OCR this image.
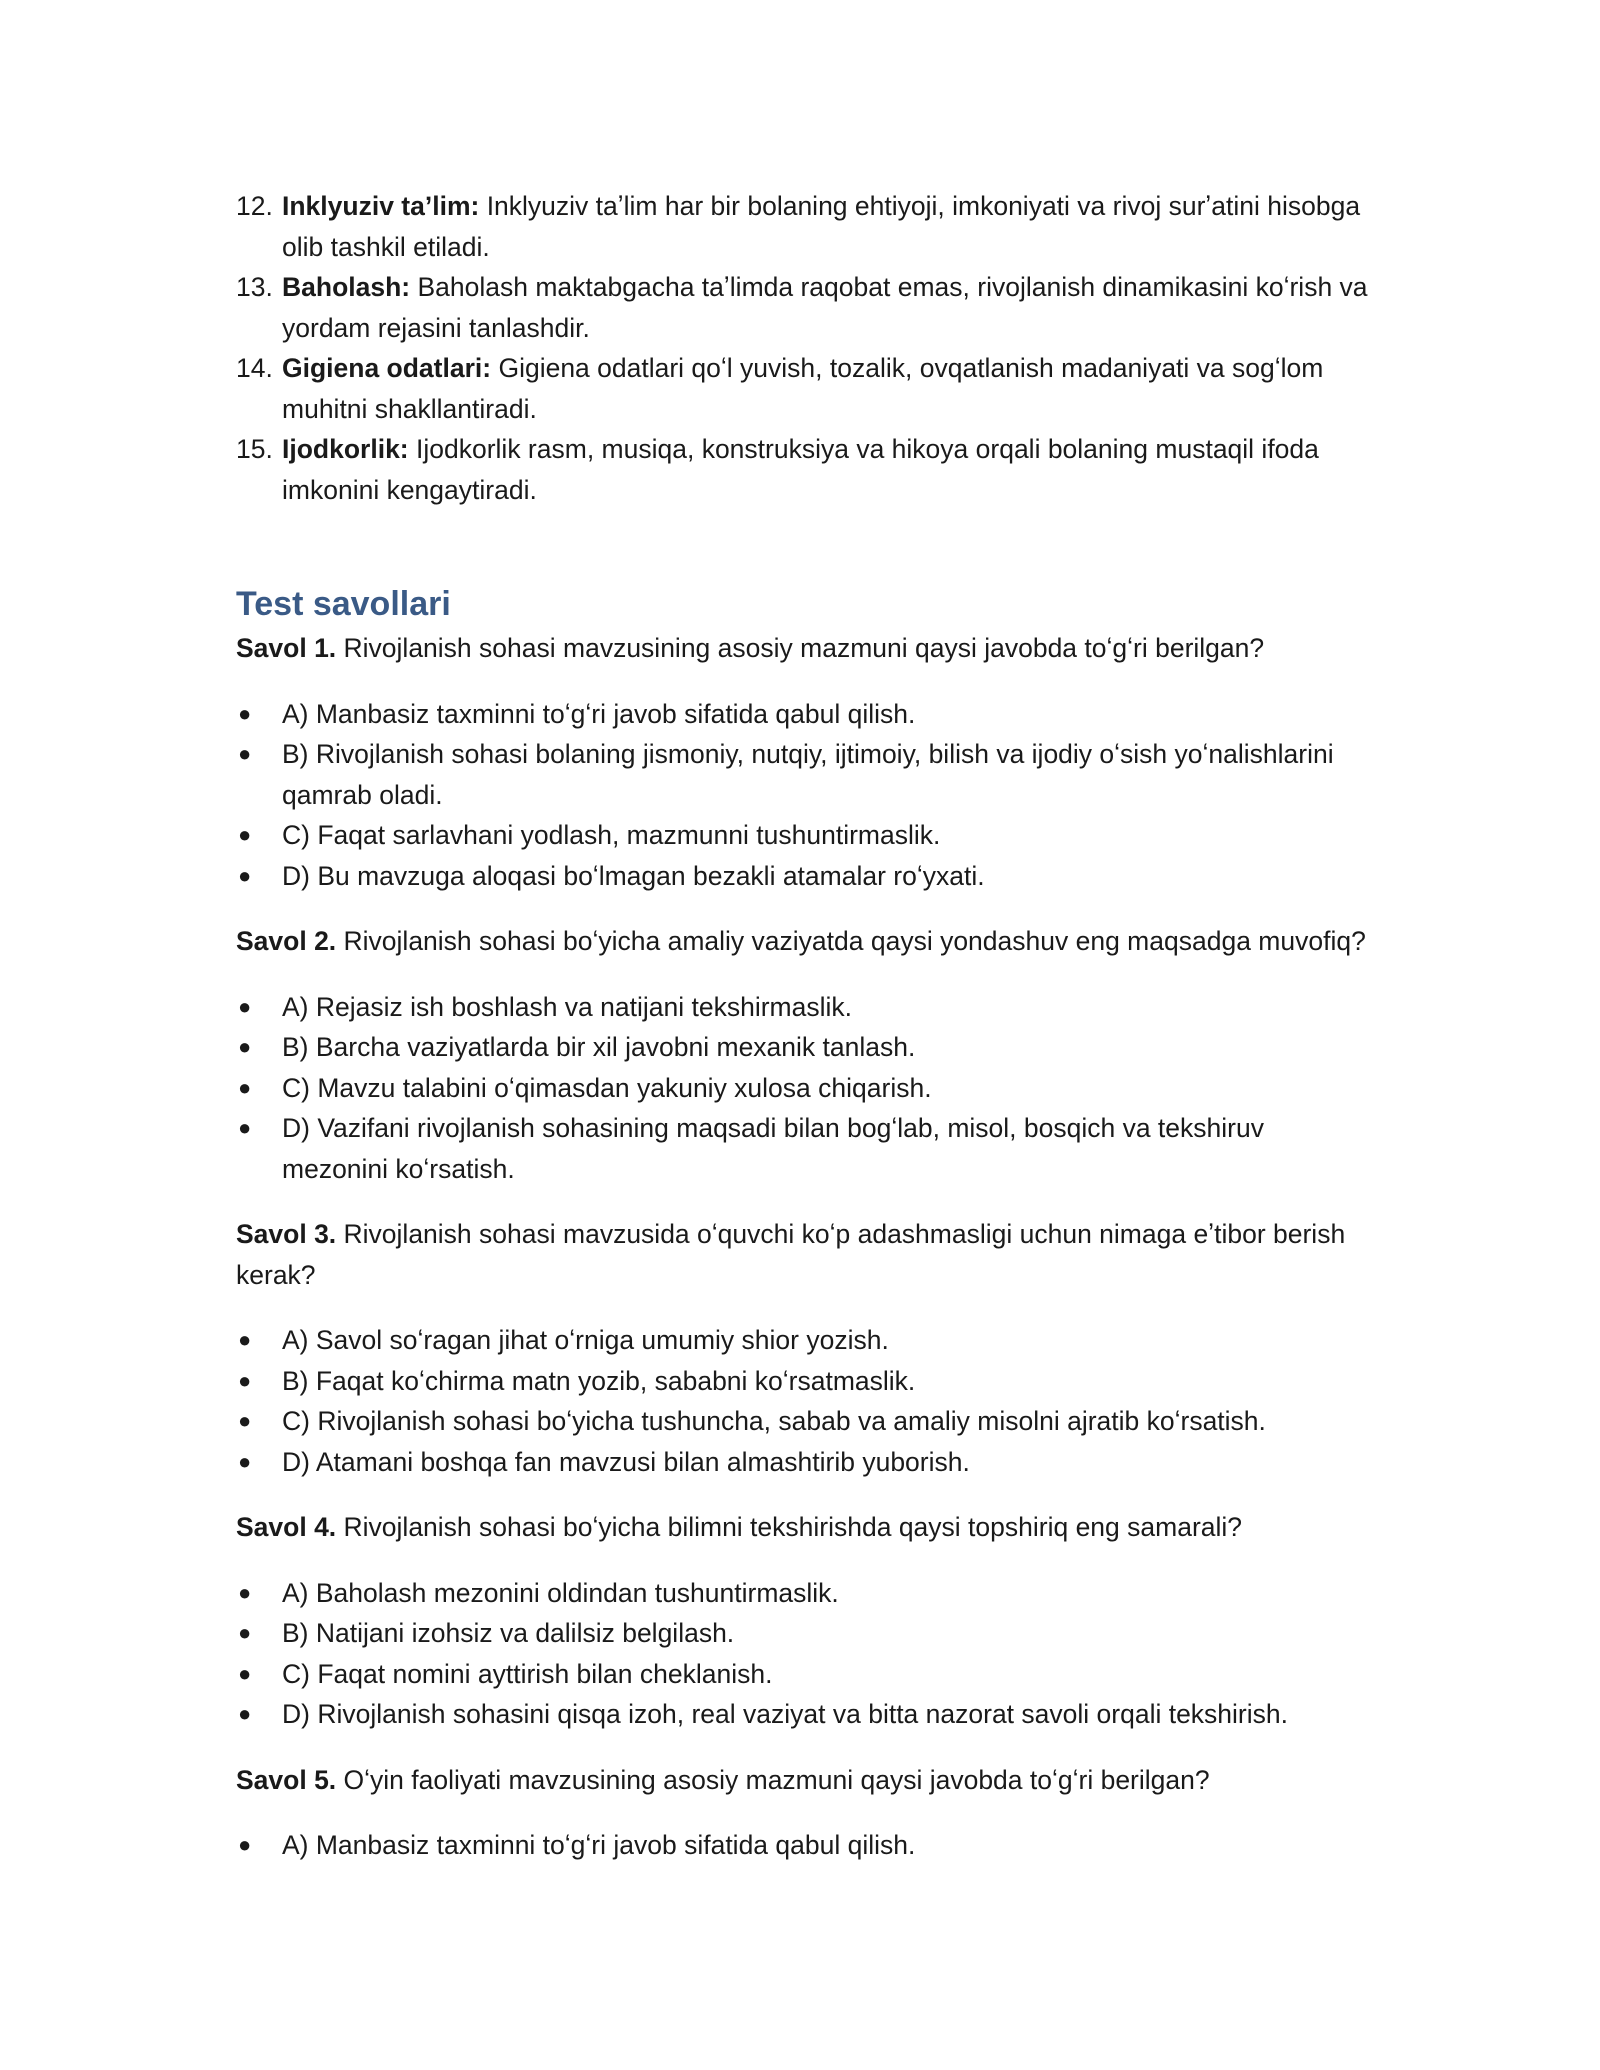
12. Inklyuziv taʼlim: Inklyuziv taʼlim har bir bolaning ehtiyoji, imkoniyati va rivoj surʼatini hisobga olib tashkil etiladi.
13. Baholash: Baholash maktabgacha taʼlimda raqobat emas, rivojlanish dinamikasini koʻrish va yordam rejasini tanlashdir.
14. Gigiena odatlari: Gigiena odatlari qoʻl yuvish, tozalik, ovqatlanish madaniyati va sogʻlom muhitni shakllantiradi.
15. Ijodkorlik: Ijodkorlik rasm, musiqa, konstruksiya va hikoya orqali bolaning mustaqil ifoda imkonini kengaytiradi.
Test savollari

Savol 1. Rivojlanish sohasi mavzusining asosiy mazmuni qaysi javobda toʻgʻri berilgan?

● A) Manbasiz taxminni toʻgʻri javob sifatida qabul qilish.
● B) Rivojlanish sohasi bolaning jismoniy, nutqiy, ijtimoiy, bilish va ijodiy oʻsish yoʻnalishlarini qamrab oladi.
● C) Faqat sarlavhani yodlash, mazmunni tushuntirmaslik.
● D) Bu mavzuga aloqasi boʻlmagan bezakli atamalar roʻyxati.

Savol 2. Rivojlanish sohasi boʻyicha amaliy vaziyatda qaysi yondashuv eng maqsadga muvofiq?

● A) Rejasiz ish boshlash va natijani tekshirmaslik.
● B) Barcha vaziyatlarda bir xil javobni mexanik tanlash.
● C) Mavzu talabini oʻqimasdan yakuniy xulosa chiqarish.
● D) Vazifani rivojlanish sohasining maqsadi bilan bogʻlab, misol, bosqich va tekshiruv mezonini koʻrsatish.

Savol 3. Rivojlanish sohasi mavzusida oʻquvchi koʻp adashmasligi uchun nimaga eʼtibor berish kerak?

● A) Savol soʻragan jihat oʻrniga umumiy shior yozish.
● B) Faqat koʻchirma matn yozib, sababni koʻrsatmaslik.
● C) Rivojlanish sohasi boʻyicha tushuncha, sabab va amaliy misolni ajratib koʻrsatish.
● D) Atamani boshqa fan mavzusi bilan almashtirib yuborish.

Savol 4. Rivojlanish sohasi boʻyicha bilimni tekshirishda qaysi topshiriq eng samarali?

● A) Baholash mezonini oldindan tushuntirmaslik.
● B) Natijani izohsiz va dalilsiz belgilash.
● C) Faqat nomini ayttirish bilan cheklanish.
● D) Rivojlanish sohasini qisqa izoh, real vaziyat va bitta nazorat savoli orqali tekshirish.

Savol 5. Oʻyin faoliyati mavzusining asosiy mazmuni qaysi javobda toʻgʻri berilgan?

● A) Manbasiz taxminni toʻgʻri javob sifatida qabul qilish.
